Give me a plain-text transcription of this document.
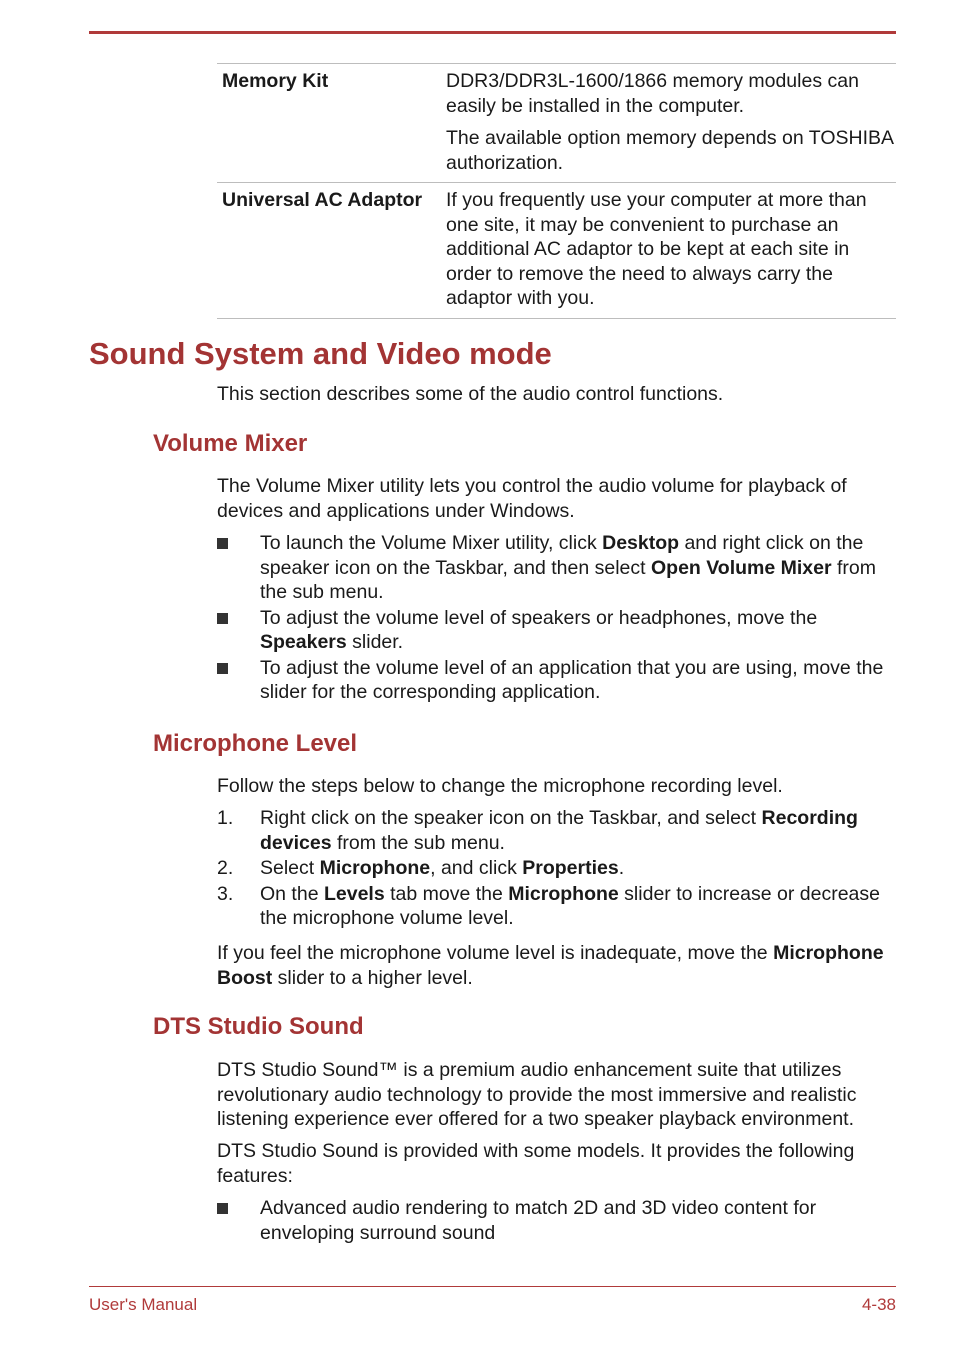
Memory Kit	DDR3/DDR3L-1600/1866 memory modules can easily be installed in the computer.

The available option memory depends on TOSHIBA authorization.

Universal AC Adaptor	If you frequently use your computer at more than one site, it may be convenient to purchase an additional AC adaptor to be kept at each site in order to remove the need to always carry the adaptor with you.

Sound System and Video mode

This section describes some of the audio control functions.

Volume Mixer

The Volume Mixer utility lets you control the audio volume for playback of devices and applications under Windows.

To launch the Volume Mixer utility, click Desktop and right click on the speaker icon on the Taskbar, and then select Open Volume Mixer from the sub menu.
To adjust the volume level of speakers or headphones, move the Speakers slider.
To adjust the volume level of an application that you are using, move the slider for the corresponding application.
Microphone Level

Follow the steps below to change the microphone recording level.

1. Right click on the speaker icon on the Taskbar, and select Recording devices from the sub menu.
2. Select Microphone, and click Properties.
3. On the Levels tab move the Microphone slider to increase or decrease the microphone volume level.

If you feel the microphone volume level is inadequate, move the Microphone Boost slider to a higher level.

DTS Studio Sound

DTS Studio Sound™ is a premium audio enhancement suite that utilizes revolutionary audio technology to provide the most immersive and realistic listening experience ever offered for a two speaker playback environment.

DTS Studio Sound is provided with some models. It provides the following features:

Advanced audio rendering to match 2D and 3D video content for enveloping surround sound
User's Manual	4-38
